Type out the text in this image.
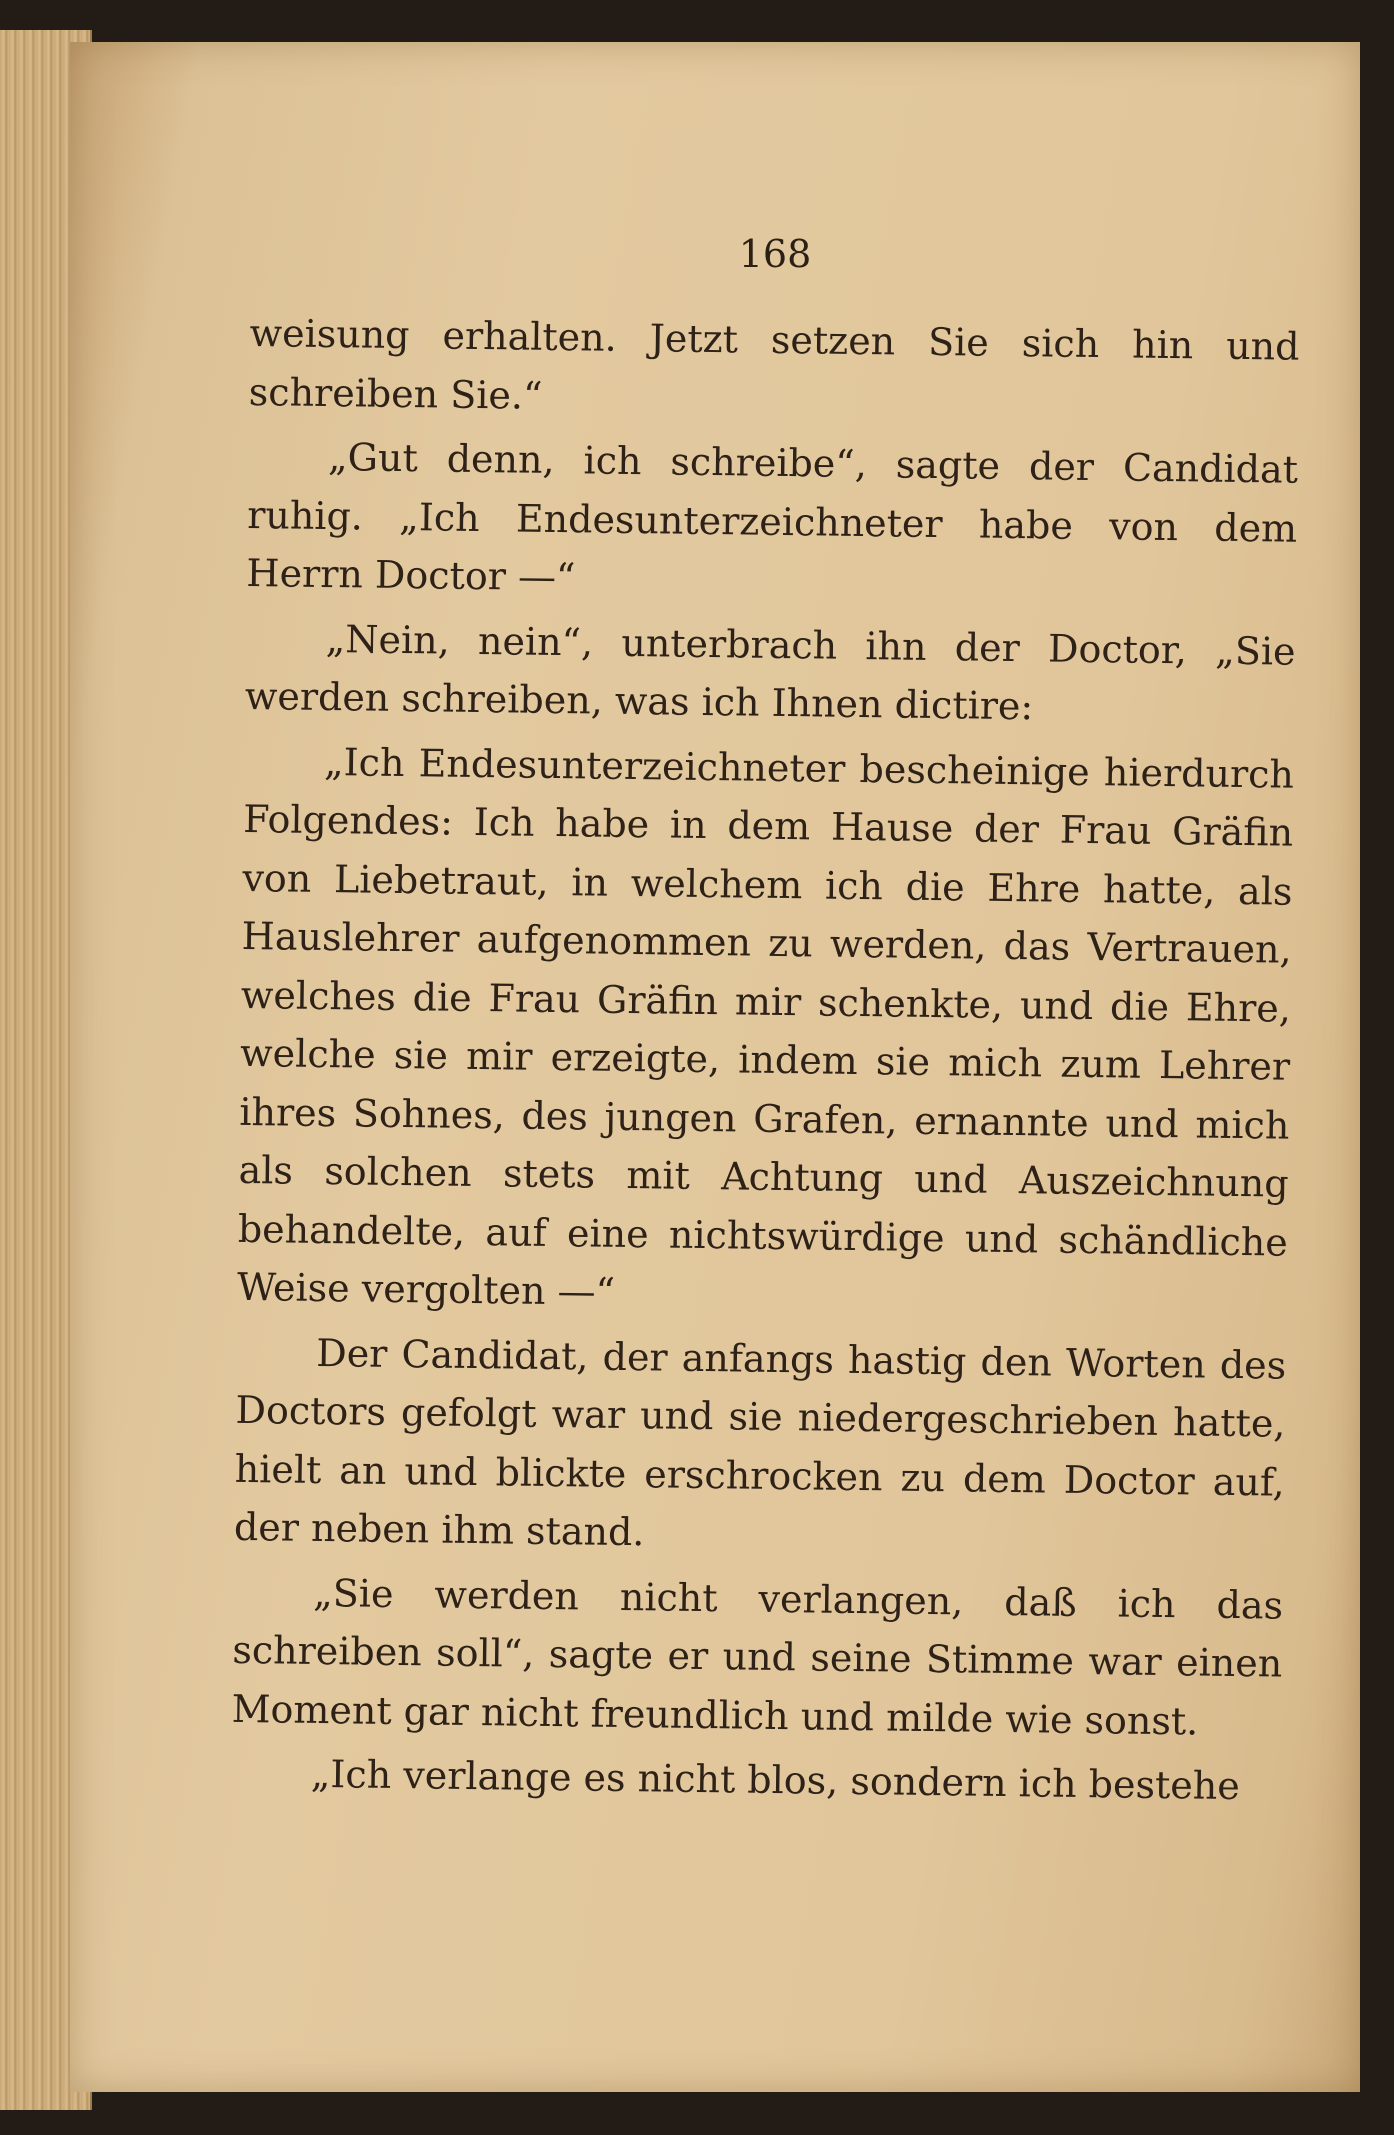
168

weisung erhalten. Jetzt setzen Sie sich hin und schreiben Sie.“

„Gut denn, ich schreibe“, sagte der Candidat ruhig. „Ich Endesunterzeichneter habe von dem Herrn Doctor —“

„Nein, nein“, unterbrach ihn der Doctor, „Sie werden schreiben, was ich Ihnen dictire:

„Ich Endesunterzeichneter bescheinige hierdurch Folgendes: Ich habe in dem Hause der Frau Gräfin von Liebetraut, in welchem ich die Ehre hatte, als Hauslehrer aufgenommen zu werden, das Vertrauen, welches die Frau Gräfin mir schenkte, und die Ehre, welche sie mir erzeigte, indem sie mich zum Lehrer ihres Sohnes, des jungen Grafen, ernannte und mich als solchen stets mit Achtung und Auszeichnung behandelte, auf eine nichtswürdige und schändliche Weise vergolten —“

Der Candidat, der anfangs hastig den Worten des Doctors gefolgt war und sie niedergeschrieben hatte, hielt an und blickte erschrocken zu dem Doctor auf, der neben ihm stand.

„Sie werden nicht verlangen, daß ich das schreiben soll“, sagte er und seine Stimme war einen Moment gar nicht freundlich und milde wie sonst.

„Ich verlange es nicht blos, sondern ich bestehe
